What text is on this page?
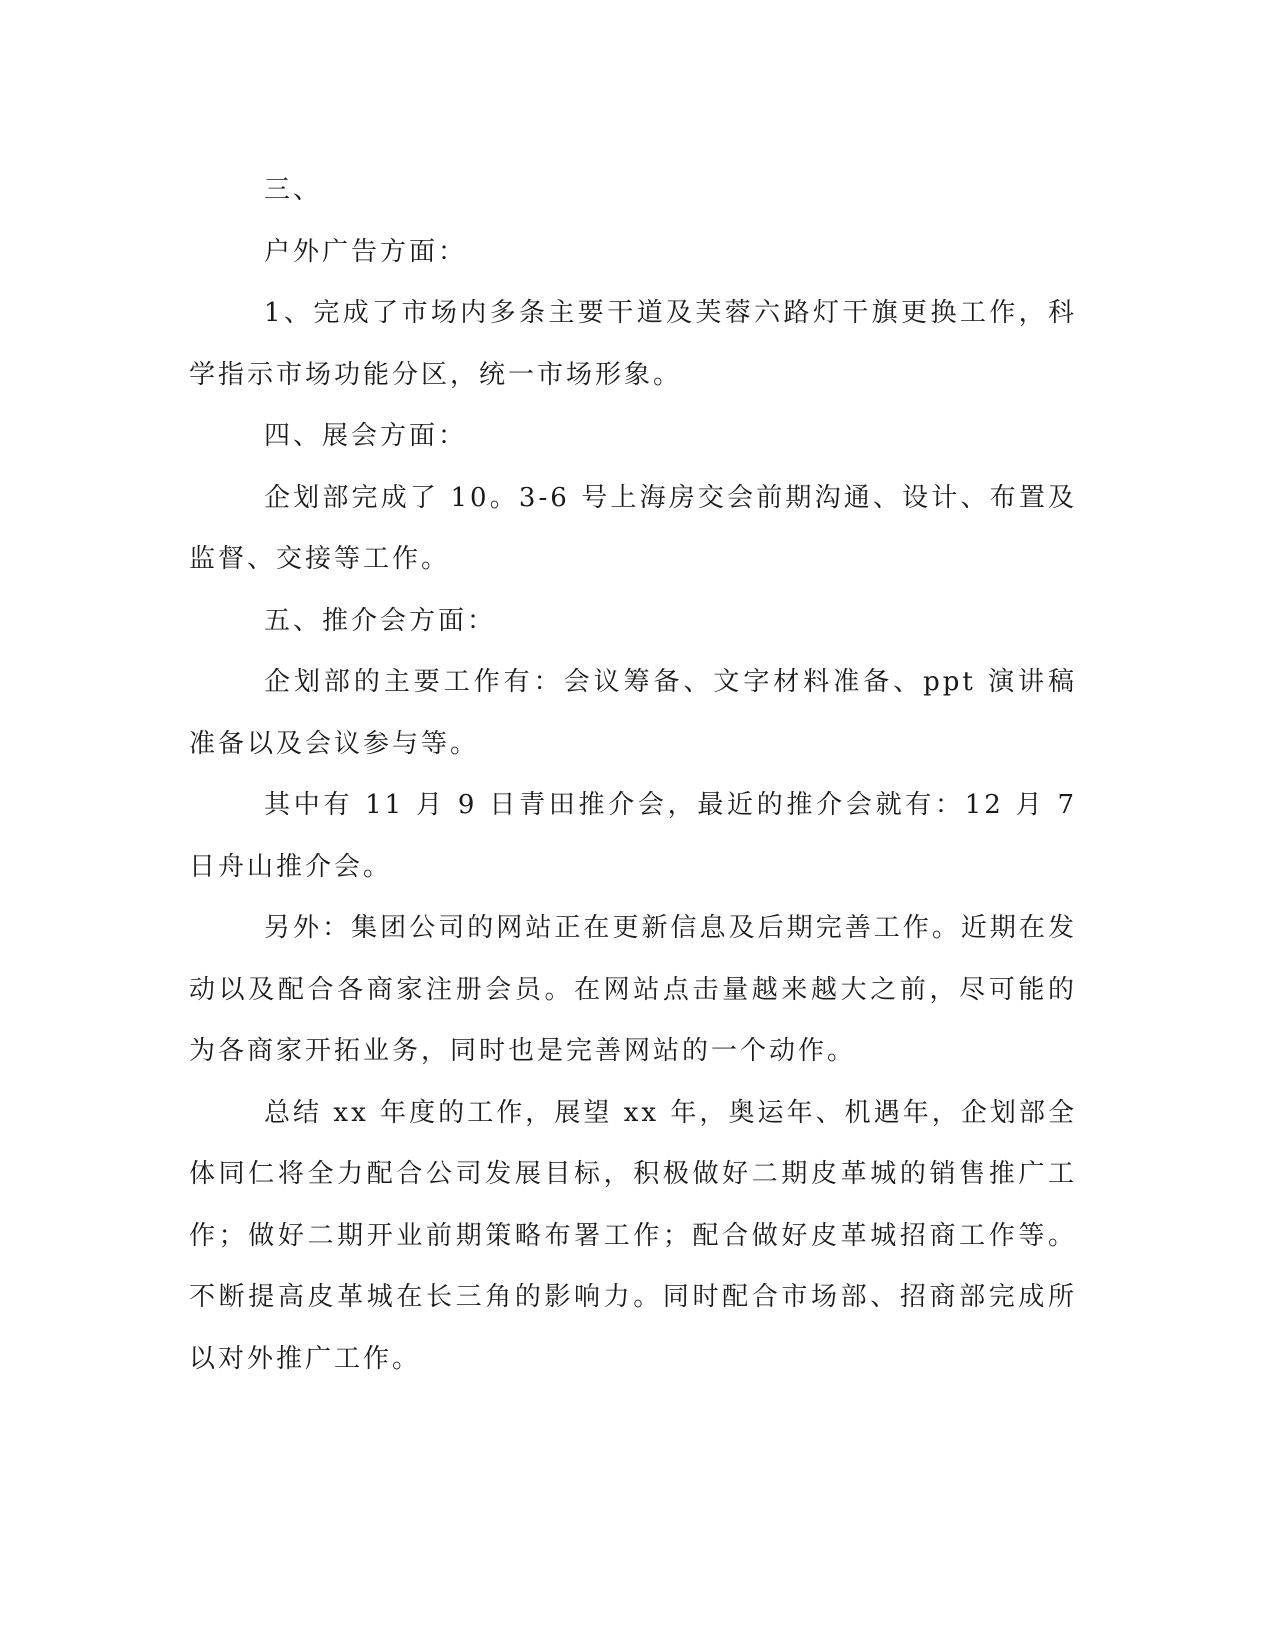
三、

户外广告方面：

1、完成了市场内多条主要干道及芙蓉六路灯干旗更换工作，科学指示市场功能分区，统一市场形象。

四、展会方面：

企划部完成了 10。3-6 号上海房交会前期沟通、设计、布置及监督、交接等工作。

五、推介会方面：

企划部的主要工作有：会议筹备、文字材料准备、ppt 演讲稿准备以及会议参与等。

其中有 11 月 9 日青田推介会，最近的推介会就有：12 月 7 日舟山推介会。

另外：集团公司的网站正在更新信息及后期完善工作。近期在发动以及配合各商家注册会员。在网站点击量越来越大之前，尽可能的为各商家开拓业务，同时也是完善网站的一个动作。

总结 xx 年度的工作，展望 xx 年，奥运年、机遇年，企划部全体同仁将全力配合公司发展目标，积极做好二期皮革城的销售推广工作；做好二期开业前期策略布署工作；配合做好皮革城招商工作等。不断提高皮革城在长三角的影响力。同时配合市场部、招商部完成所以对外推广工作。
